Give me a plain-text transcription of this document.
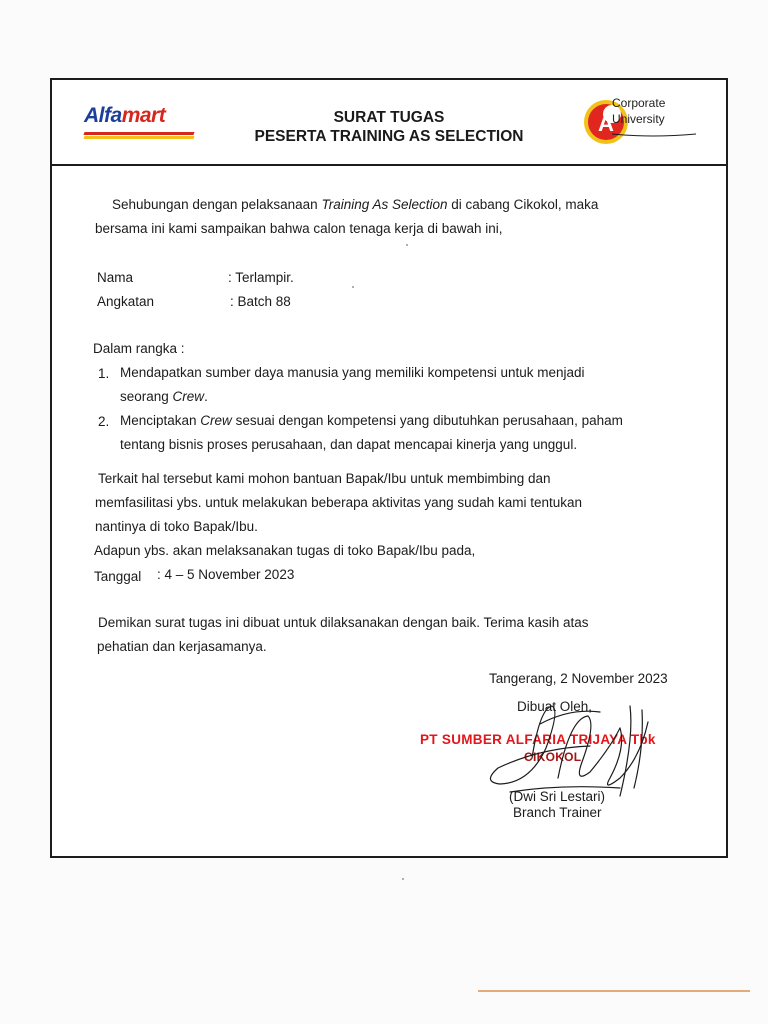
Alfamart	SURAT TUGAS
PESERTA TRAINING AS SELECTION
A
Corporate
University
Sehubungan dengan pelaksanaan Training As Selection di cabang Cikokol, maka
bersama ini kami sampaikan bahwa calon tenaga kerja di bawah ini,
Nama	: Terlampir.
Angkatan	: Batch 88
Dalam rangka :
1. Mendapatkan sumber daya manusia yang memiliki kompetensi untuk menjadi
seorang Crew.
2. Menciptakan Crew sesuai dengan kompetensi yang dibutuhkan perusahaan, paham
tentang bisnis proses perusahaan, dan dapat mencapai kinerja yang unggul.
Terkait hal tersebut kami mohon bantuan Bapak/Ibu untuk membimbing dan
memfasilitasi ybs. untuk melakukan beberapa aktivitas yang sudah kami tentukan
nantinya di toko Bapak/Ibu.
Adapun ybs. akan melaksanakan tugas di toko Bapak/Ibu pada,
Tanggal : 4 – 5 November 2023
Demikan surat tugas ini dibuat untuk dilaksanakan dengan baik. Terima kasih atas
pehatian dan kerjasamanya.
Tangerang, 2 November 2023
Dibuat Oleh,
PT SUMBER ALFARIA TRIJAYA Tbk
CIKOKOL
(Dwi Sri Lestari)
Branch Trainer
